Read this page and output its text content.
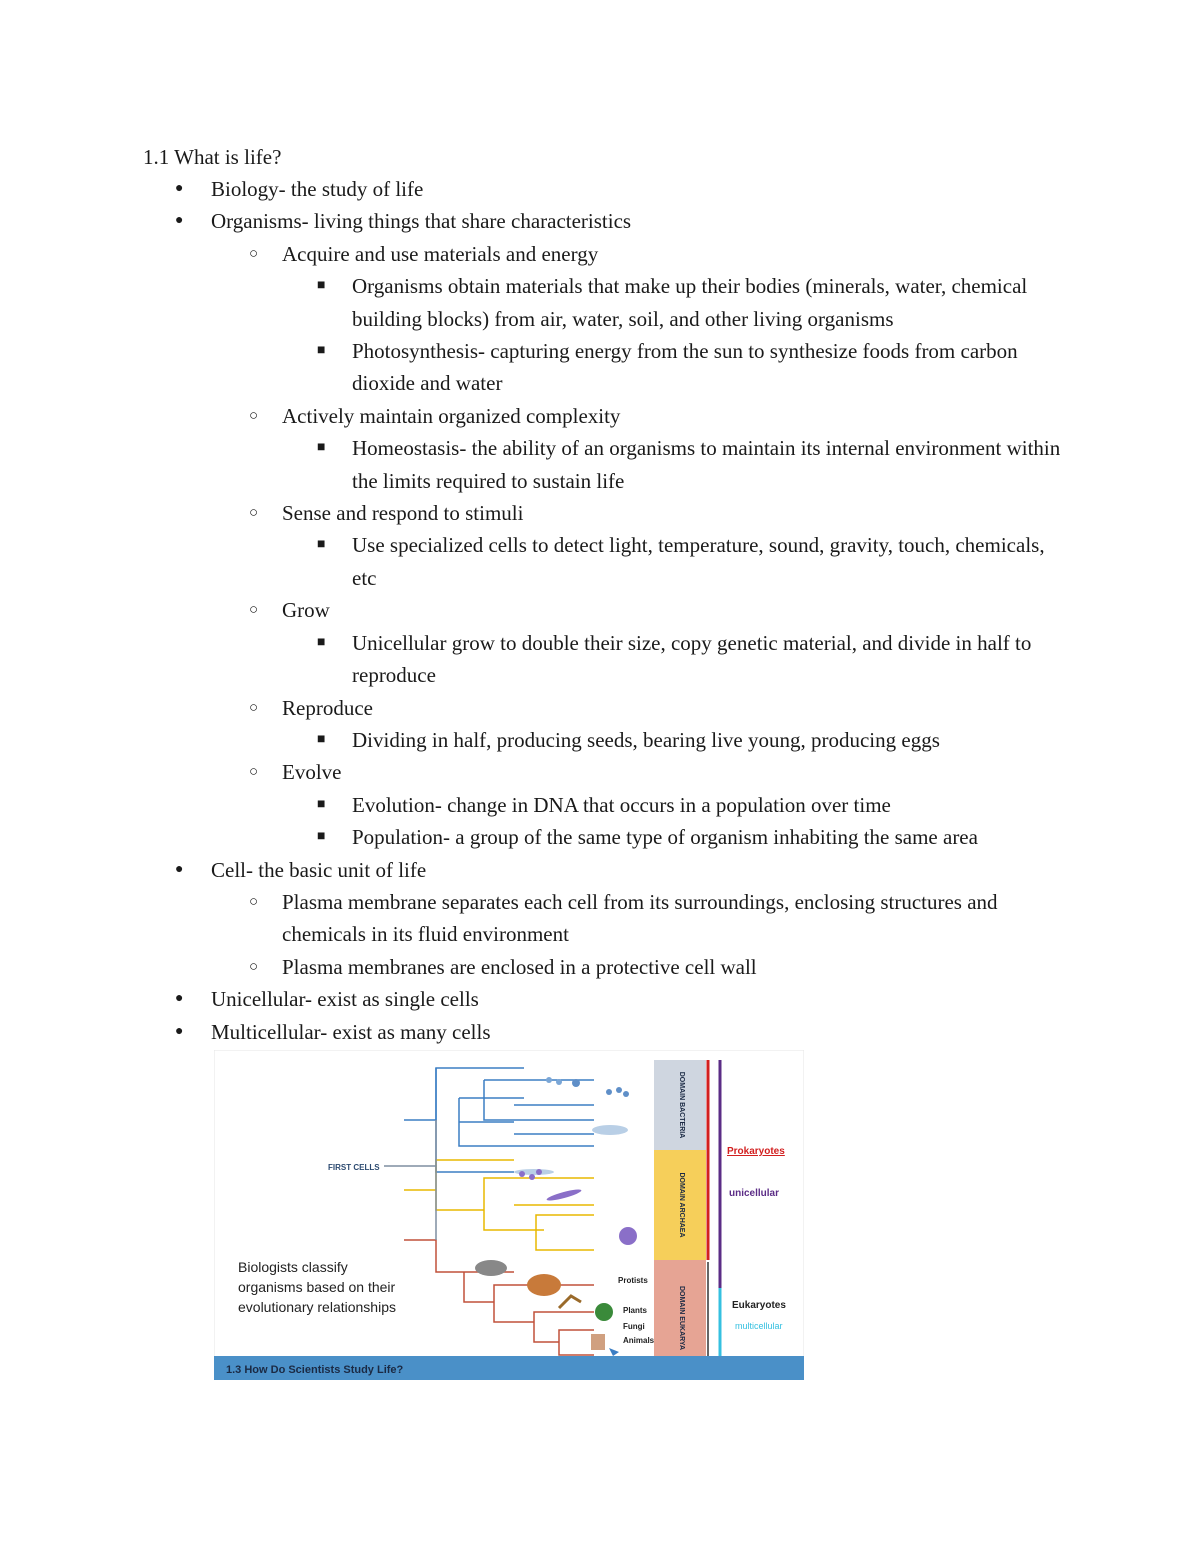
1.1 What is life?
● Biology- the study of life
● Organisms- living things that share characteristics
○ Acquire and use materials and energy
■ Organisms obtain materials that make up their bodies (minerals, water, chemical building blocks) from air, water, soil, and other living organisms
■ Photosynthesis- capturing energy from the sun to synthesize foods from carbon dioxide and water
○ Actively maintain organized complexity
■ Homeostasis- the ability of an organisms to maintain its internal environment within the limits required to sustain life
○ Sense and respond to stimuli
■ Use specialized cells to detect light, temperature, sound, gravity, touch, chemicals, etc
○ Grow
■ Unicellular grow to double their size, copy genetic material, and divide in half to reproduce
○ Reproduce
■ Dividing in half, producing seeds, bearing live young, producing eggs
○ Evolve
■ Evolution- change in DNA that occurs in a population over time
■ Population- a group of the same type of organism inhabiting the same area
● Cell- the basic unit of life
○ Plasma membrane separates each cell from its surroundings, enclosing structures and chemicals in its fluid environment
○ Plasma membranes are enclosed in a protective cell wall
● Unicellular- exist as single cells
● Multicellular- exist as many cells
DOMAIN BACTERIA
DOMAIN ARCHAEA
DOMAIN EUKARYA
Prokaryotes
unicellular
Eukaryotes
multicellular
FIRST CELLS
Protists
Plants
Fungi
Animals
Biologists classify organisms based on their evolutionary relationships
1.3 How Do Scientists Study Life?
